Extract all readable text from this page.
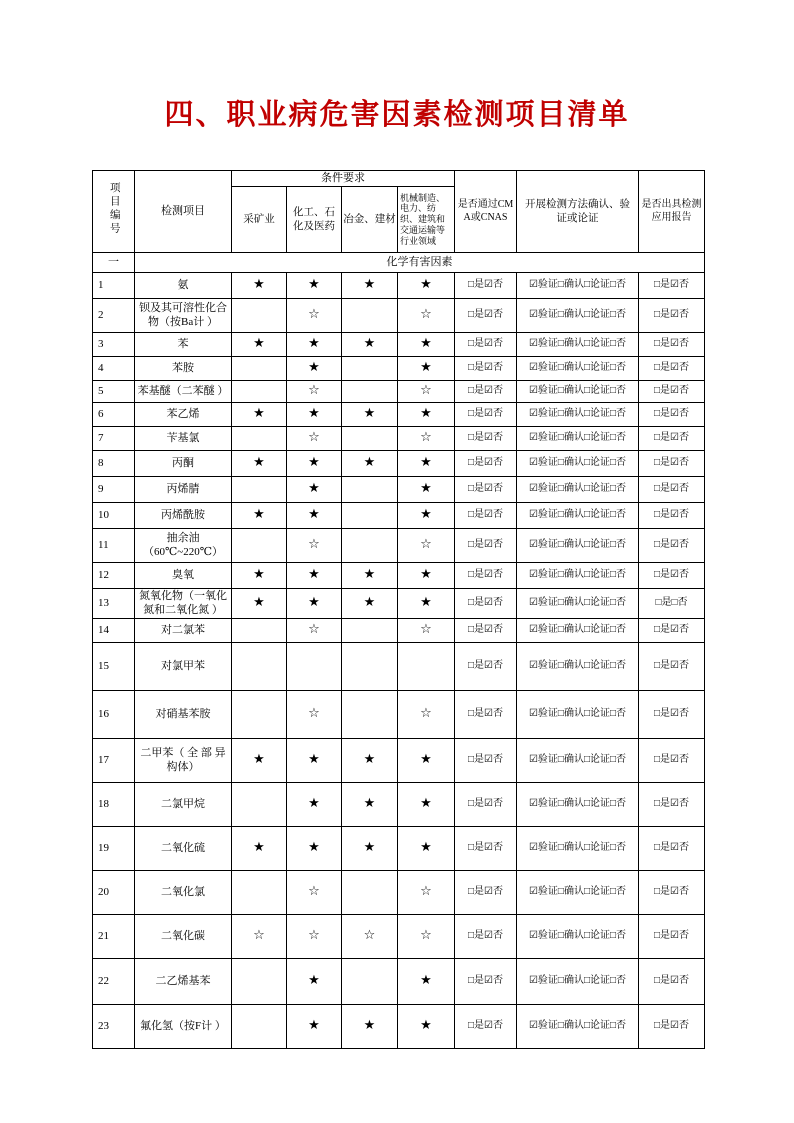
四、职业病危害因素检测项目清单
项目编号	检测项目	条件要求				是否通过CMA或CNAS	开展检测方法确认、验证或论证	是否出具检测应用报告
		采矿业	化工、石化及医药	冶金、建材	机械制造、电力、纺织、建筑和交通运输等行业领域			
一	化学有害因素							
1	氨	★	★	★	★	□是☑否	☑验证□确认□论证□否	□是☑否
2	钡及其可溶性化合物（按Ba计 ）		☆		☆	□是☑否	☑验证□确认□论证□否	□是☑否
3	苯	★	★	★	★	□是☑否	☑验证□确认□论证□否	□是☑否
4	苯胺		★		★	□是☑否	☑验证□确认□论证□否	□是☑否
5	苯基醚（二苯醚 ）		☆		☆	□是☑否	☑验证□确认□论证□否	□是☑否
6	苯乙烯	★	★	★	★	□是☑否	☑验证□确认□论证□否	□是☑否
7	苄基氯		☆		☆	□是☑否	☑验证□确认□论证□否	□是☑否
8	丙酮	★	★	★	★	□是☑否	☑验证□确认□论证□否	□是☑否
9	丙烯腈		★		★	□是☑否	☑验证□确认□论证□否	□是☑否
10	丙烯酰胺	★	★		★	□是☑否	☑验证□确认□论证□否	□是☑否
11	抽余油（60℃~220℃）		☆		☆	□是☑否	☑验证□确认□论证□否	□是☑否
12	臭氧	★	★	★	★	□是☑否	☑验证□确认□论证□否	□是☑否
13	氮氧化物（一氧化氮和二氧化氮 ）	★	★	★	★	□是☑否	☑验证□确认□论证□否	□是□否
14	对二氯苯		☆		☆	□是☑否	☑验证□确认□论证□否	□是☑否
15	对氯甲苯					□是☑否	☑验证□确认□论证□否	□是☑否
16	对硝基苯胺		☆		☆	□是☑否	☑验证□确认□论证□否	□是☑否
17	二甲苯（ 全 部 异构体）	★	★	★	★	□是☑否	☑验证□确认□论证□否	□是☑否
18	二氯甲烷		★	★	★	□是☑否	☑验证□确认□论证□否	□是☑否
19	二氧化硫	★	★	★	★	□是☑否	☑验证□确认□论证□否	□是☑否
20	二氧化氯		☆		☆	□是☑否	☑验证□确认□论证□否	□是☑否
21	二氧化碳	☆	☆	☆	☆	□是☑否	☑验证□确认□论证□否	□是☑否
22	二乙烯基苯		★		★	□是☑否	☑验证□确认□论证□否	□是☑否
23	氟化氢（按F计 ）		★	★	★	□是☑否	☑验证□确认□论证□否	□是☑否
